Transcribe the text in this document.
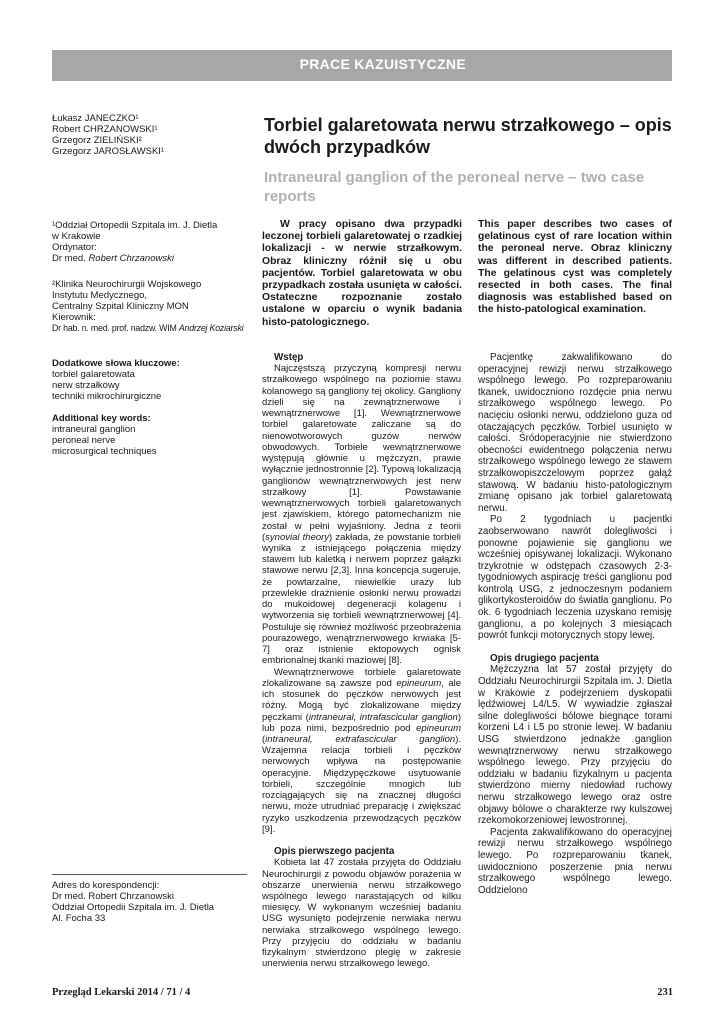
PRACE KAZUISTYCZNE
Łukasz JANECZKO¹
Robert CHRZANOWSKI¹
Grzegorz ZIELIŃSKI²
Grzegorz JAROSŁAWSKI¹
¹Oddział Ortopedii Szpitala im. J. Dietla
w Krakowie
Ordynator:
Dr med. Robert Chrzanowski
²Klinika Neurochirurgii Wojskowego
Instytutu Medycznego,
Centralny Szpital Kliniczny MON
Kierownik:
Dr hab. n. med. prof. nadzw. WIM Andrzej Koziarski
Dodatkowe słowa kluczowe:
torbiel galaretowata
nerw strzałkowy
techniki mikrochirurgiczne
Additional key words:
intraneural ganglion
peroneal nerve
microsurgical techniques
Torbiel galaretowata nerwu strzałkowego – opis dwóch przypadków
Intraneural ganglion of the peroneal nerve – two case reports
W pracy opisano dwa przypadki leczonej torbieli galaretowatej o rzadkiej lokalizacji - w nerwie strzałkowym. Obraz kliniczny różnił się u obu pacjentów. Torbiel galaretowata w obu przypadkach została usunięta w całości. Ostateczne rozpoznanie zostało ustalone w oparciu o wynik badania histo-patologicznego.
This paper describes two cases of gelatinous cyst of rare location within the peroneal nerve. Obraz kliniczny was different in described patients. The gelatinous cyst was completely resected in both cases. The final diagnosis was established based on the histo-patological examination.
Wstęp

Najczęstszą przyczyną kompresji nerwu strzałkowego wspólnego na poziomie stawu kolanowego są gangliony tej okolicy. Gangliony dzieli się na zewnątrznerwowe i wewnątrznerwowe [1]. Wewnątrznerwowe torbiel galaretowate zaliczane są do nienowotworowych guzów nerwów obwodowych. Torbiele wewnątrznerwowe występują głównie u mężczyzn, prawie wyłącznie jednostronnie [2]. Typową lokalizacją ganglionów wewnątrznerwowych jest nerw strzałkowy [1]. Powstawanie wewnątrznerwowych torbieli galaretowanych jest zjawiskiem, którego patomechanizm nie został w pełni wyjaśniony. Jedna z teorii (synovial theory) zakłada, że powstanie torbieli wynika z istniejącego połączenia między stawem lub kaletką i nerwem poprzez gałązki stawowe nerwu [2,3]. Inna koncepcja sugeruje, że powtarzalne, niewielkie urazy lub przewlekłe drażnienie osłonki nerwu prowadzi do mukoidowej degeneracji kolagenu i wytworzenia się torbieli wewnątrznerwowej [4]. Postuluje się również możliwość przeobrażenia pourazowego, wenątrznerwowego krwiaka [5-7] oraz istnienie ektopowych ognisk embrionalnej tkanki maziowej [8].

Wewnątrznerwowe torbiele galaretowate zlokalizowane są zawsze pod epineurum, ale ich stosunek do pęczków nerwowych jest różny. Mogą być zlokalizowane między pęczkami (intraneural, intrafascicular ganglion) lub poza nimi, bezpośrednio pod epineurum (intraneural, extrafascicular ganglion). Wzajemna relacja torbieli i pęczków nerwowych wpływa na postępowanie operacyjne. Międzypęczkowe usytuowanie torbieli, szczególnie mnogich lub rozciągających się na znacznej długości nerwu, może utrudniać preparację i zwiększać ryzyko uszkodzenia przewodzących pęczków [9].

Opis pierwszego pacjenta

Kobieta lat 47 została przyjęta do Oddziału Neurochirurgii z powodu objawów porażenia w obszarze unerwienia nerwu strzałkowego wspólnego lewego narastających od kilku miesięcy. W wykonanym wcześniej badaniu USG wysunięto podejrzenie nerwiaka nerwu nerwiaka strzałkowego wspólnego lewego. Przy przyjęciu do oddziału w badaniu fizykalnym stwierdzono plegię w zakresie unerwienia nerwu strzałkowego lewego.

Pacjentkę zakwalifikowano do operacyjnej rewizji nerwu strzałkowego wspólnego lewego. Po rozpreparowaniu tkanek, uwidoczniono rozdęcie pnia nerwu strzałkowego wspólnego lewego. Po nacięciu osłonki nerwu, oddzielono guza od otaczających pęczków. Torbiel usunięto w całości. Śródoperacyjnie nie stwierdzono obecności ewidentnego połączenia nerwu strzałkowego wspólnego lewego ze stawem strzałkowopiszczelowym poprzez gałąź stawową. W badaniu histo-patologicznym zmianę opisano jak torbiel galaretowatą nerwu.

Po 2 tygodniach u pacjentki zaobserwowano nawrót dolegliwości i ponowne pojawienie się ganglionu we wcześniej opisywanej lokalizacji. Wykonano trzykrotnie w odstępach czasowych 2-3-tygodniowych aspirację treści ganglionu pod kontrolą USG, z jednoczesnym podaniem glikortykosteroidów do światła ganglionu. Po ok. 6 tygodniach leczenia uzyskano remisję ganglionu, a po kolejnych 3 miesiącach powrót funkcji motorycznych stopy lewej.

Opis drugiego pacjenta

Mężczyzna lat 57 został przyjęty do Oddziału Neurochirurgii Szpitala im. J. Dietla w Krakowie z podejrzeniem dyskopatii lędźwiowej L4/L5. W wywiadzie zgłaszał silne dolegliwości bólowe biegnące torami korzeni L4 i L5 po stronie lewej. W badaniu USG stwierdzono jednakże ganglion wewnątrznerwowy nerwu strzałkowego wspólnego lewego. Przy przyjęciu do oddziału w badaniu fizykalnym u pacjenta stwierdzono mierny niedowład ruchowy nerwu strzałkowego lewego oraz ostre objawy bólowe o charakterze rwy kulszowej rzekomokorzeniowej lewostronnej.

Pacjenta zakwalifikowano do operacyjnej rewizji nerwu strzałkowego wspólnego lewego. Po rozpreparowaniu tkanek, uwidoczniono poszerzenie pnia nerwu strzałkowego wspólnego lewego. Oddzielono

Adres do korespondencji:
Dr med. Robert Chrzanowski
Oddział Ortopedii Szpitala im. J. Dietla
Al. Focha 33
Przegląd Lekarski 2014 / 71 / 4	231
